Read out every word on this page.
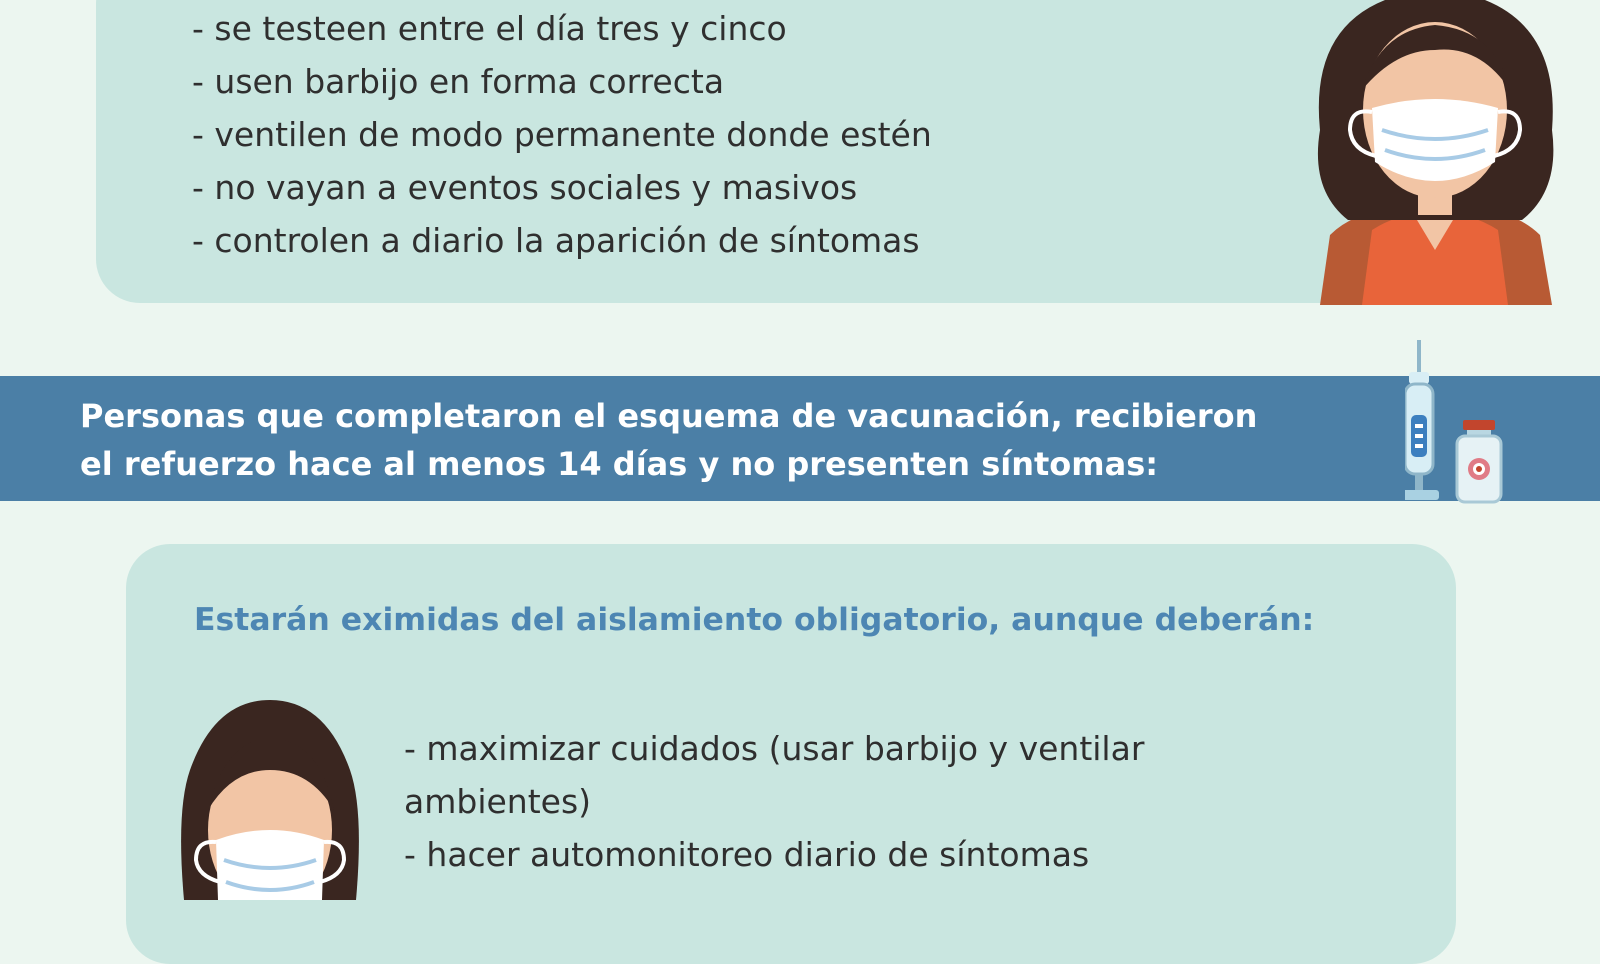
- se testeen entre el día tres y cinco
- usen barbijo en forma correcta
- ventilen de modo permanente donde estén
- no vayan a eventos sociales y masivos
- controlen a diario la aparición de síntomas

Personas que completaron el esquema de vacunación, recibieron
el refuerzo hace al menos 14 días y no presenten síntomas:

Estarán eximidas del aislamiento obligatorio, aunque deberán:
- maximizar cuidados (usar barbijo y ventilar ambientes)
- hacer automonitoreo diario de síntomas
